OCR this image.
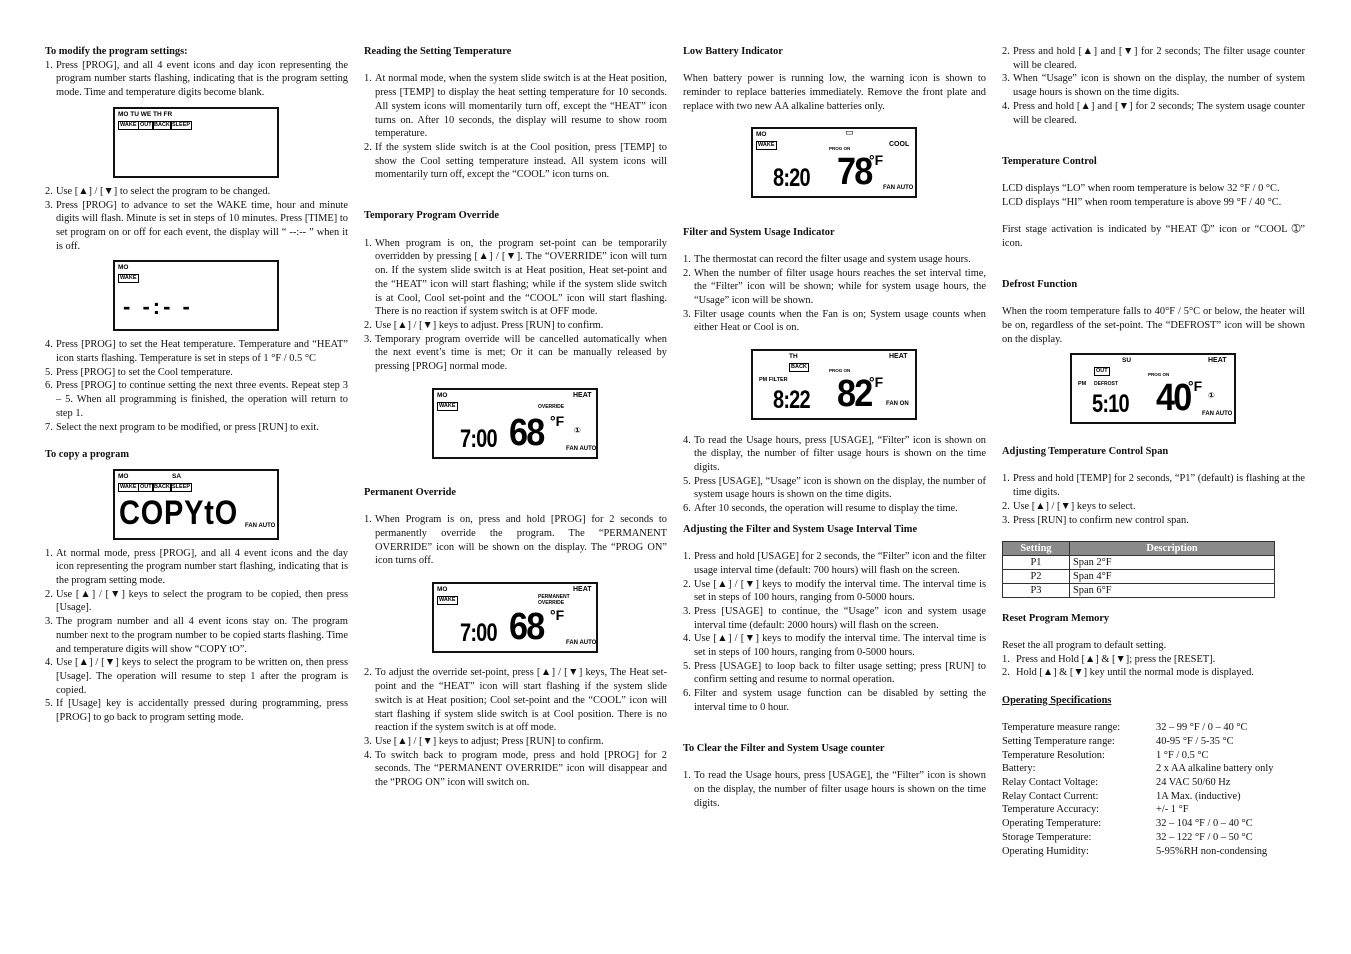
To modify the program settings:
1. Press [PROG], and all 4 event icons and day icon representing the program number starts flashing, indicating that is the program setting mode. Time and temperature digits become blank.
MO TU WE TH FR
WAKE OUT BACK SLEEP
2. Use [▲] / [▼] to select the program to be changed.
3. Press [PROG] to advance to set the WAKE time, hour and minute digits will flash. Minute is set in steps of 10 minutes. Press [TIME] to set program on or off for each event, the display will “ --:-- ” when it is off.
MO
WAKE
- -:- -
4. Press [PROG] to set the Heat temperature. Temperature and “HEAT” icon starts flashing. Temperature is set in steps of 1 °F / 0.5 °C
5. Press [PROG] to set the Cool temperature.
6. Press [PROG] to continue setting the next three events. Repeat step 3 – 5. When all programming is finished, the operation will return to step 1.
7. Select the next program to be modified, or press [RUN] to exit.
To copy a program
MO	SA
WAKE OUT BACK SLEEP
COPYtO FAN AUTO
1. At normal mode, press [PROG], and all 4 event icons and the day icon representing the program number start flashing, indicating that is the program setting mode.
2. Use [▲] / [▼] keys to select the program to be copied, then press [Usage].
3. The program number and all 4 event icons stay on. The program number next to the program number to be copied starts flashing. Time and temperature digits will show “COPY tO”.
4. Use [▲] / [▼] keys to select the program to be written on, then press [Usage]. The operation will resume to step 1 after the program is copied.
5. If [Usage] key is accidentally pressed during programming, press [PROG] to go back to program setting mode.
Reading the Setting Temperature
1. At normal mode, when the system slide switch is at the Heat position, press [TEMP] to display the heat setting temperature for 10 seconds. All system icons will momentarily turn off, except the “HEAT” icon turns on. After 10 seconds, the display will resume to show room temperature.
2. If the system slide switch is at the Cool position, press [TEMP] to show the Cool setting temperature instead. All system icons will momentarily turn off, except the “COOL” icon turns on.
Temporary Program Override
1. When program is on, the program set-point can be temporarily overridden by pressing [▲] / [▼]. The “OVERRIDE” icon will turn on. If the system slide switch is at Heat position, Heat set-point and the “HEAT” icon will start flashing; while if the system slide switch is at Cool, Cool set-point and the “COOL” icon will start flashing. There is no reaction if system switch is at OFF mode.
2. Use [▲] / [▼] keys to adjust. Press [RUN] to confirm.
3. Temporary program override will be cancelled automatically when the next event’s time is met; Or it can be manually released by pressing [PROG] normal mode.
MO	HEAT
WAKE	OVERRIDE
7:00 68 °F
①
FAN AUTO
Permanent Override
1. When Program is on, press and hold [PROG] for 2 seconds to permanently override the program. The “PERMANENT OVERRIDE” icon will be shown on the display. The “PROG ON” icon turns off.
MO	HEAT
WAKE	PERMANENT
OVERRIDE
7:00 68 °F
FAN AUTO
2. To adjust the override set-point, press [▲] / [▼] keys, The Heat set-point and the “HEAT” icon will start flashing if the system slide switch is at Heat position; Cool set-point and the “COOL” icon will start flashing if system slide switch is at Cool position. There is no reaction if the system switch is at off mode.
3. Use [▲] / [▼] keys to adjust; Press [RUN] to confirm.
4. To switch back to program mode, press and hold [PROG] for 2 seconds. The “PERMANENT OVERRIDE” icon will disappear and the “PROG ON” icon will switch on.
Low Battery Indicator

When battery power is running low, the warning icon is shown to reminder to replace batteries immediately. Remove the front plate and replace with two new AA alkaline batteries only.

MO	▭
WAKE
PROG ON
COOL
8:20 78
°F
FAN AUTO
Filter and System Usage Indicator
1. The thermostat can record the filter usage and system usage hours.
2. When the number of filter usage hours reaches the set interval time, the “Filter” icon will be shown; while for system usage hours, the “Usage” icon will be shown.
3. Filter usage counts when the Fan is on; System usage counts when either Heat or Cool is on.
TH	HEAT
BACK
PROG ON
PM FILTER
8:22 82
°F
FAN ON
4. To read the Usage hours, press [USAGE], “Filter” icon is shown on the display, the number of filter usage hours is shown on the time digits.
5. Press [USAGE], “Usage” icon is shown on the display, the number of system usage hours is shown on the time digits.
6. After 10 seconds, the operation will resume to display the time.
Adjusting the Filter and System Usage Interval Time
1. Press and hold [USAGE] for 2 seconds, the “Filter” icon and the filter usage interval time (default: 700 hours) will flash on the screen.
2. Use [▲] / [▼] keys to modify the interval time. The interval time is set in steps of 100 hours, ranging from 0-5000 hours.
3. Press [USAGE] to continue, the “Usage” icon and system usage interval time (default: 2000 hours) will flash on the screen.
4. Use [▲] / [▼] keys to modify the interval time. The interval time is set in steps of 100 hours, ranging from 0-5000 hours.
5. Press [USAGE] to loop back to filter usage setting; press [RUN] to confirm setting and resume to normal operation.
6. Filter and system usage function can be disabled by setting the interval time to 0 hour.
To Clear the Filter and System Usage counter
1. To read the Usage hours, press [USAGE], the “Filter” icon is shown on the display, the number of filter usage hours is shown on the time digits.
2. Press and hold [▲] and [▼] for 2 seconds; The filter usage counter will be cleared.
3. When “Usage” icon is shown on the display, the number of system usage hours is shown on the time digits.
4. Press and hold [▲] and [▼] for 2 seconds; The system usage counter will be cleared.
Temperature Control

LCD displays “LO” when room temperature is below 32 °F / 0 °C.

LCD displays “HI” when room temperature is above 99 °F / 40 °C.

First stage activation is indicated by “HEAT ➀” icon or “COOL ➀” icon.

Defrost Function

When the room temperature falls to 40°F / 5°C or below, the heater will be on, regardless of the set-point. The “DEFROST” icon will be shown on the display.

SU	HEAT
OUT
PROG ON
PM DEFROST
5:10 40
°F
①
FAN AUTO
Adjusting Temperature Control Span
1. Press and hold [TEMP] for 2 seconds, “P1” (default) is flashing at the time digits.
2. Use [▲] / [▼] keys to select.
3. Press [RUN] to confirm new control span.
Setting	Description
P1	Span 2°F
P2	Span 4°F
P3	Span 6°F
Reset Program Memory

Reset the all program to default setting.

1. Press and Hold [▲] & [▼]; press the [RESET].
2. Hold [▲] & [▼] key until the normal mode is displayed.
Operating Specifications
Temperature measure range:	32 – 99 °F / 0 – 40 °C
Setting Temperature range:	40-95 °F / 5-35 °C
Temperature Resolution:	1 °F / 0.5 °C
Battery:	2 x AA alkaline battery only
Relay Contact Voltage:	24 VAC 50/60 Hz
Relay Contact Current:	1A Max. (inductive)
Temperature Accuracy:	+/- 1 °F
Operating Temperature:	32 – 104 °F / 0 – 40 °C
Storage Temperature:	32 – 122 °F / 0 – 50 °C
Operating Humidity:	5-95%RH non-condensing
